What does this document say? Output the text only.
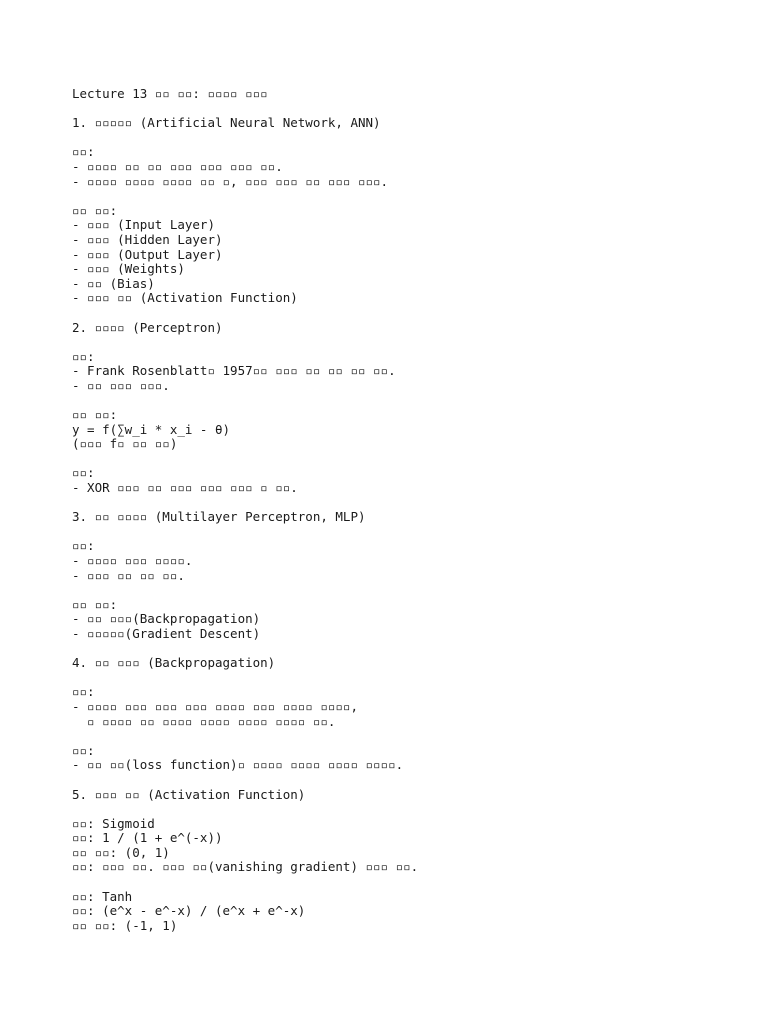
Lecture 13 ▫▫ ▫▫: ▫▫▫▫ ▫▫▫
1. ▫▫▫▫▫ (Artificial Neural Network, ANN)
▫▫:
- ▫▫▫▫ ▫▫ ▫▫ ▫▫▫ ▫▫▫ ▫▫▫ ▫▫.
- ▫▫▫▫ ▫▫▫▫ ▫▫▫▫ ▫▫ ▫, ▫▫▫ ▫▫▫ ▫▫ ▫▫▫ ▫▫▫.
▫▫ ▫▫:
- ▫▫▫ (Input Layer)
- ▫▫▫ (Hidden Layer)
- ▫▫▫ (Output Layer)
- ▫▫▫ (Weights)
- ▫▫ (Bias)
- ▫▫▫ ▫▫ (Activation Function)
2. ▫▫▫▫ (Perceptron)
▫▫:
- Frank Rosenblatt▫ 1957▫▫ ▫▫▫ ▫▫ ▫▫ ▫▫ ▫▫.
- ▫▫ ▫▫▫ ▫▫▫.
▫▫ ▫▫:
y = f(∑w_i * x_i - θ)
(▫▫▫ f▫ ▫▫ ▫▫)
▫▫:
- XOR ▫▫▫ ▫▫ ▫▫▫ ▫▫▫ ▫▫▫ ▫ ▫▫.
3. ▫▫ ▫▫▫▫ (Multilayer Perceptron, MLP)
▫▫:
- ▫▫▫▫ ▫▫▫ ▫▫▫▫.
- ▫▫▫ ▫▫ ▫▫ ▫▫.
▫▫ ▫▫:
- ▫▫ ▫▫▫(Backpropagation)
- ▫▫▫▫▫(Gradient Descent)
4. ▫▫ ▫▫▫ (Backpropagation)
▫▫:
- ▫▫▫▫ ▫▫▫ ▫▫▫ ▫▫▫ ▫▫▫▫ ▫▫▫ ▫▫▫▫ ▫▫▫▫,
▫ ▫▫▫▫ ▫▫ ▫▫▫▫ ▫▫▫▫ ▫▫▫▫ ▫▫▫▫ ▫▫.
▫▫:
- ▫▫ ▫▫(loss function)▫ ▫▫▫▫ ▫▫▫▫ ▫▫▫▫ ▫▫▫▫.
5. ▫▫▫ ▫▫ (Activation Function)
▫▫: Sigmoid
▫▫: 1 / (1 + e^(-x))
▫▫ ▫▫: (0, 1)
▫▫: ▫▫▫ ▫▫. ▫▫▫ ▫▫(vanishing gradient) ▫▫▫ ▫▫.
▫▫: Tanh
▫▫: (e^x - e^-x) / (e^x + e^-x)
▫▫ ▫▫: (-1, 1)
